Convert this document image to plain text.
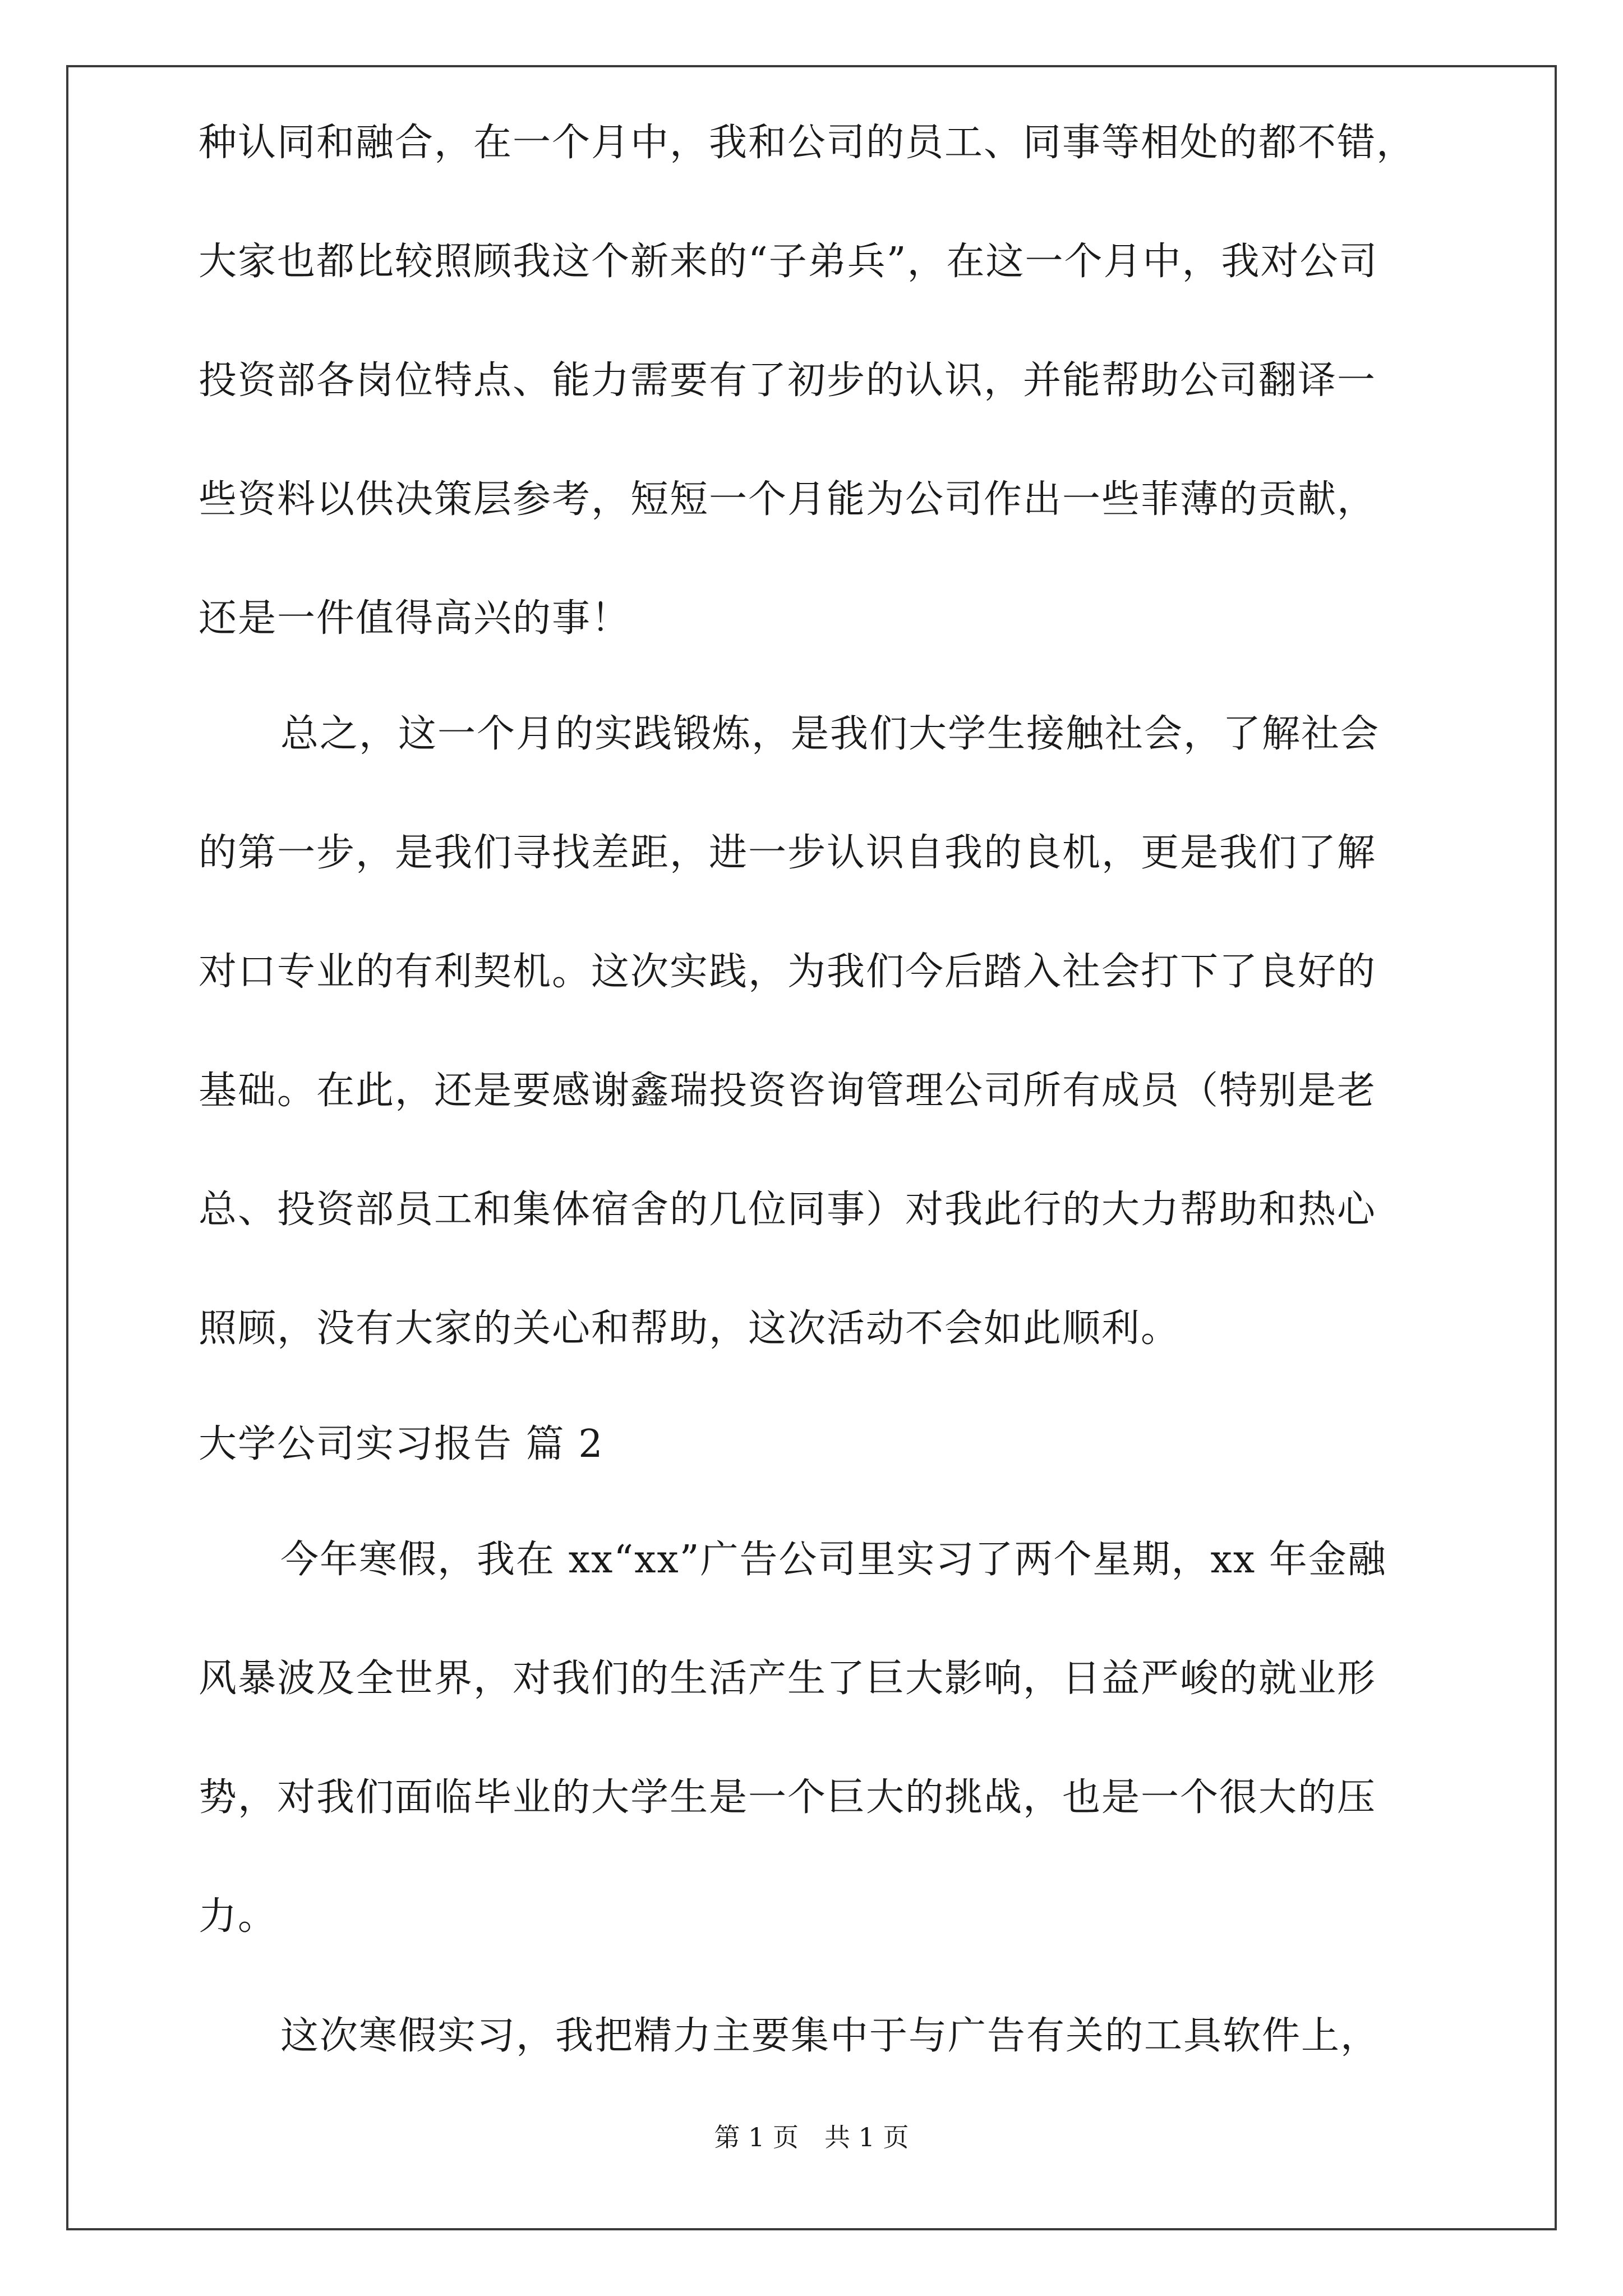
种认同和融合，在一个月中，我和公司的员工、同事等相处的都不错，
大家也都比较照顾我这个新来的“子弟兵”，在这一个月中，我对公司
投资部各岗位特点、能力需要有了初步的认识，并能帮助公司翻译一
些资料以供决策层参考，短短一个月能为公司作出一些菲薄的贡献，
还是一件值得高兴的事！
总之，这一个月的实践锻炼，是我们大学生接触社会，了解社会
的第一步，是我们寻找差距，进一步认识自我的良机，更是我们了解
对口专业的有利契机。这次实践，为我们今后踏入社会打下了良好的
基础。在此，还是要感谢鑫瑞投资咨询管理公司所有成员（特别是老
总、投资部员工和集体宿舍的几位同事）对我此行的大力帮助和热心
照顾，没有大家的关心和帮助，这次活动不会如此顺利。
大学公司实习报告 篇 2
今年寒假，我在 xx“xx”广告公司里实习了两个星期，xx 年金融
风暴波及全世界，对我们的生活产生了巨大影响，日益严峻的就业形
势，对我们面临毕业的大学生是一个巨大的挑战，也是一个很大的压
力。
这次寒假实习，我把精力主要集中于与广告有关的工具软件上，
第 1 页 共 1 页
